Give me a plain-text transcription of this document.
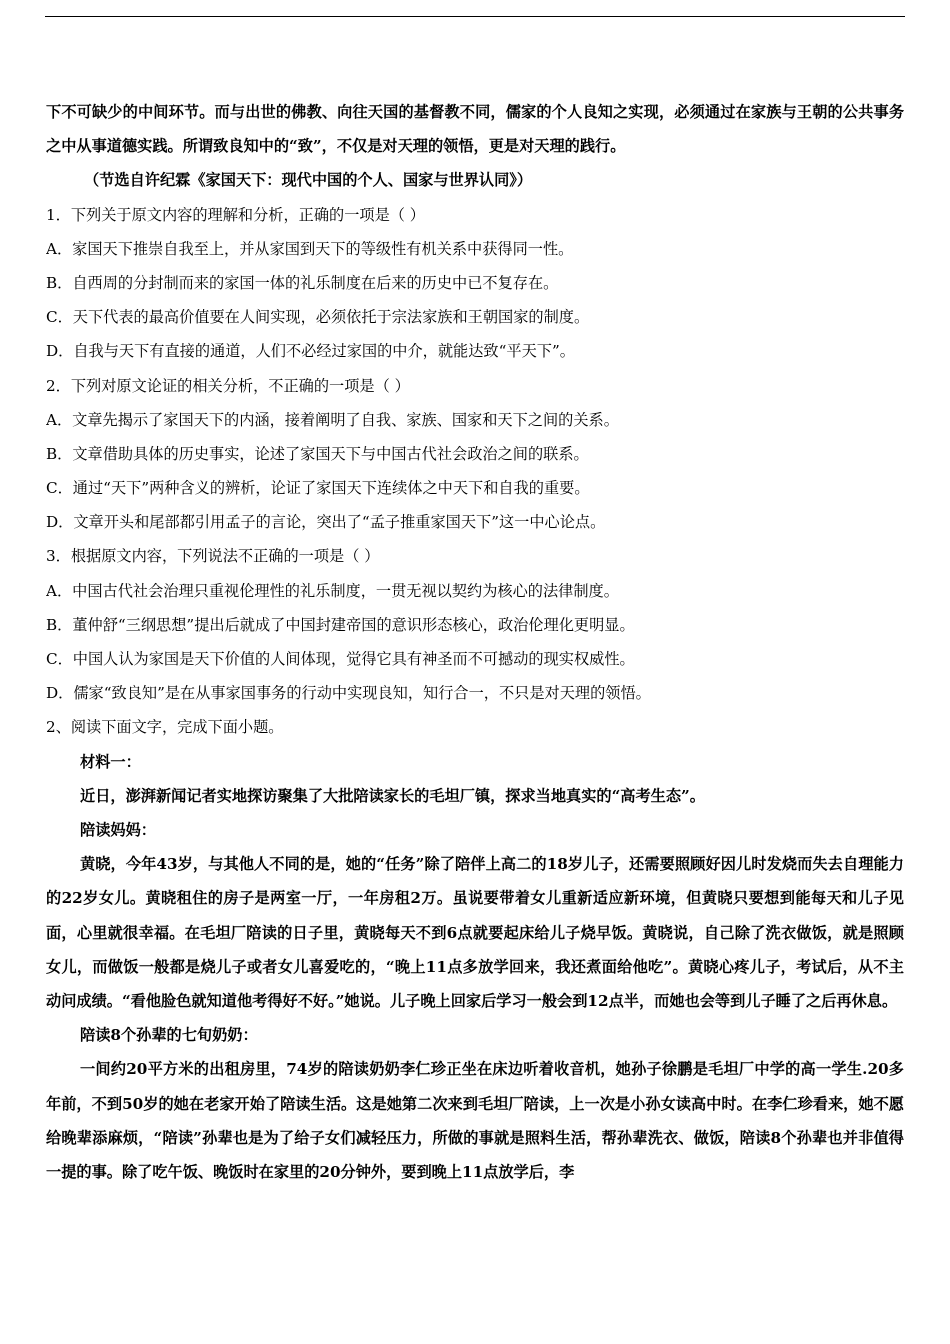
下不可缺少的中间环节。而与出世的佛教、向往天国的基督教不同，儒家的个人良知之实现，必须通过在家族与王朝的公共事务之中从事道德实践。所谓致良知中的“致”，不仅是对天理的领悟，更是对天理的践行。
（节选自许纪霖《家国天下：现代中国的个人、国家与世界认同》）
1．下列关于原文内容的理解和分析，正确的一项是（ ）
A．家国天下推崇自我至上，并从家国到天下的等级性有机关系中获得同一性。
B．自西周的分封制而来的家国一体的礼乐制度在后来的历史中已不复存在。
C．天下代表的最高价值要在人间实现，必须依托于宗法家族和王朝国家的制度。
D．自我与天下有直接的通道，人们不必经过家国的中介，就能达致“平天下”。
2．下列对原文论证的相关分析，不正确的一项是（ ）
A．文章先揭示了家国天下的内涵，接着阐明了自我、家族、国家和天下之间的关系。
B．文章借助具体的历史事实，论述了家国天下与中国古代社会政治之间的联系。
C．通过“天下”两种含义的辨析，论证了家国天下连续体之中天下和自我的重要。
D．文章开头和尾部都引用孟子的言论，突出了“孟子推重家国天下”这一中心论点。
3．根据原文内容，下列说法不正确的一项是（ ）
A．中国古代社会治理只重视伦理性的礼乐制度，一贯无视以契约为核心的法律制度。
B．董仲舒“三纲思想”提出后就成了中国封建帝国的意识形态核心，政治伦理化更明显。
C．中国人认为家国是天下价值的人间体现，觉得它具有神圣而不可撼动的现实权威性。
D．儒家“致良知”是在从事家国事务的行动中实现良知，知行合一，不只是对天理的领悟。
2、阅读下面文字，完成下面小题。
材料一：
近日，澎湃新闻记者实地探访聚集了大批陪读家长的毛坦厂镇，探求当地真实的“高考生态”。
陪读妈妈：
黄晓，今年43岁，与其他人不同的是，她的“任务”除了陪伴上高二的18岁儿子，还需要照顾好因儿时发烧而失去自理能力的22岁女儿。黄晓租住的房子是两室一厅，一年房租2万。虽说要带着女儿重新适应新环境，但黄晓只要想到能每天和儿子见面，心里就很幸福。在毛坦厂陪读的日子里，黄晓每天不到6点就要起床给儿子烧早饭。黄晓说，自己除了洗衣做饭，就是照顾女儿，而做饭一般都是烧儿子或者女儿喜爱吃的，“晚上11点多放学回来，我还煮面给他吃”。黄晓心疼儿子，考试后，从不主动问成绩。“看他脸色就知道他考得好不好。”她说。儿子晚上回家后学习一般会到12点半，而她也会等到儿子睡了之后再休息。
陪读8个孙辈的七旬奶奶：
一间约20平方米的出租房里，74岁的陪读奶奶李仁珍正坐在床边听着收音机，她孙子徐鹏是毛坦厂中学的高一学生.20多年前，不到50岁的她在老家开始了陪读生活。这是她第二次来到毛坦厂陪读，上一次是小孙女读高中时。在李仁珍看来，她不愿给晚辈添麻烦，“陪读”孙辈也是为了给子女们减轻压力，所做的事就是照料生活，帮孙辈洗衣、做饭，陪读8个孙辈也并非值得一提的事。除了吃午饭、晚饭时在家里的20分钟外，要到晚上11点放学后，李
